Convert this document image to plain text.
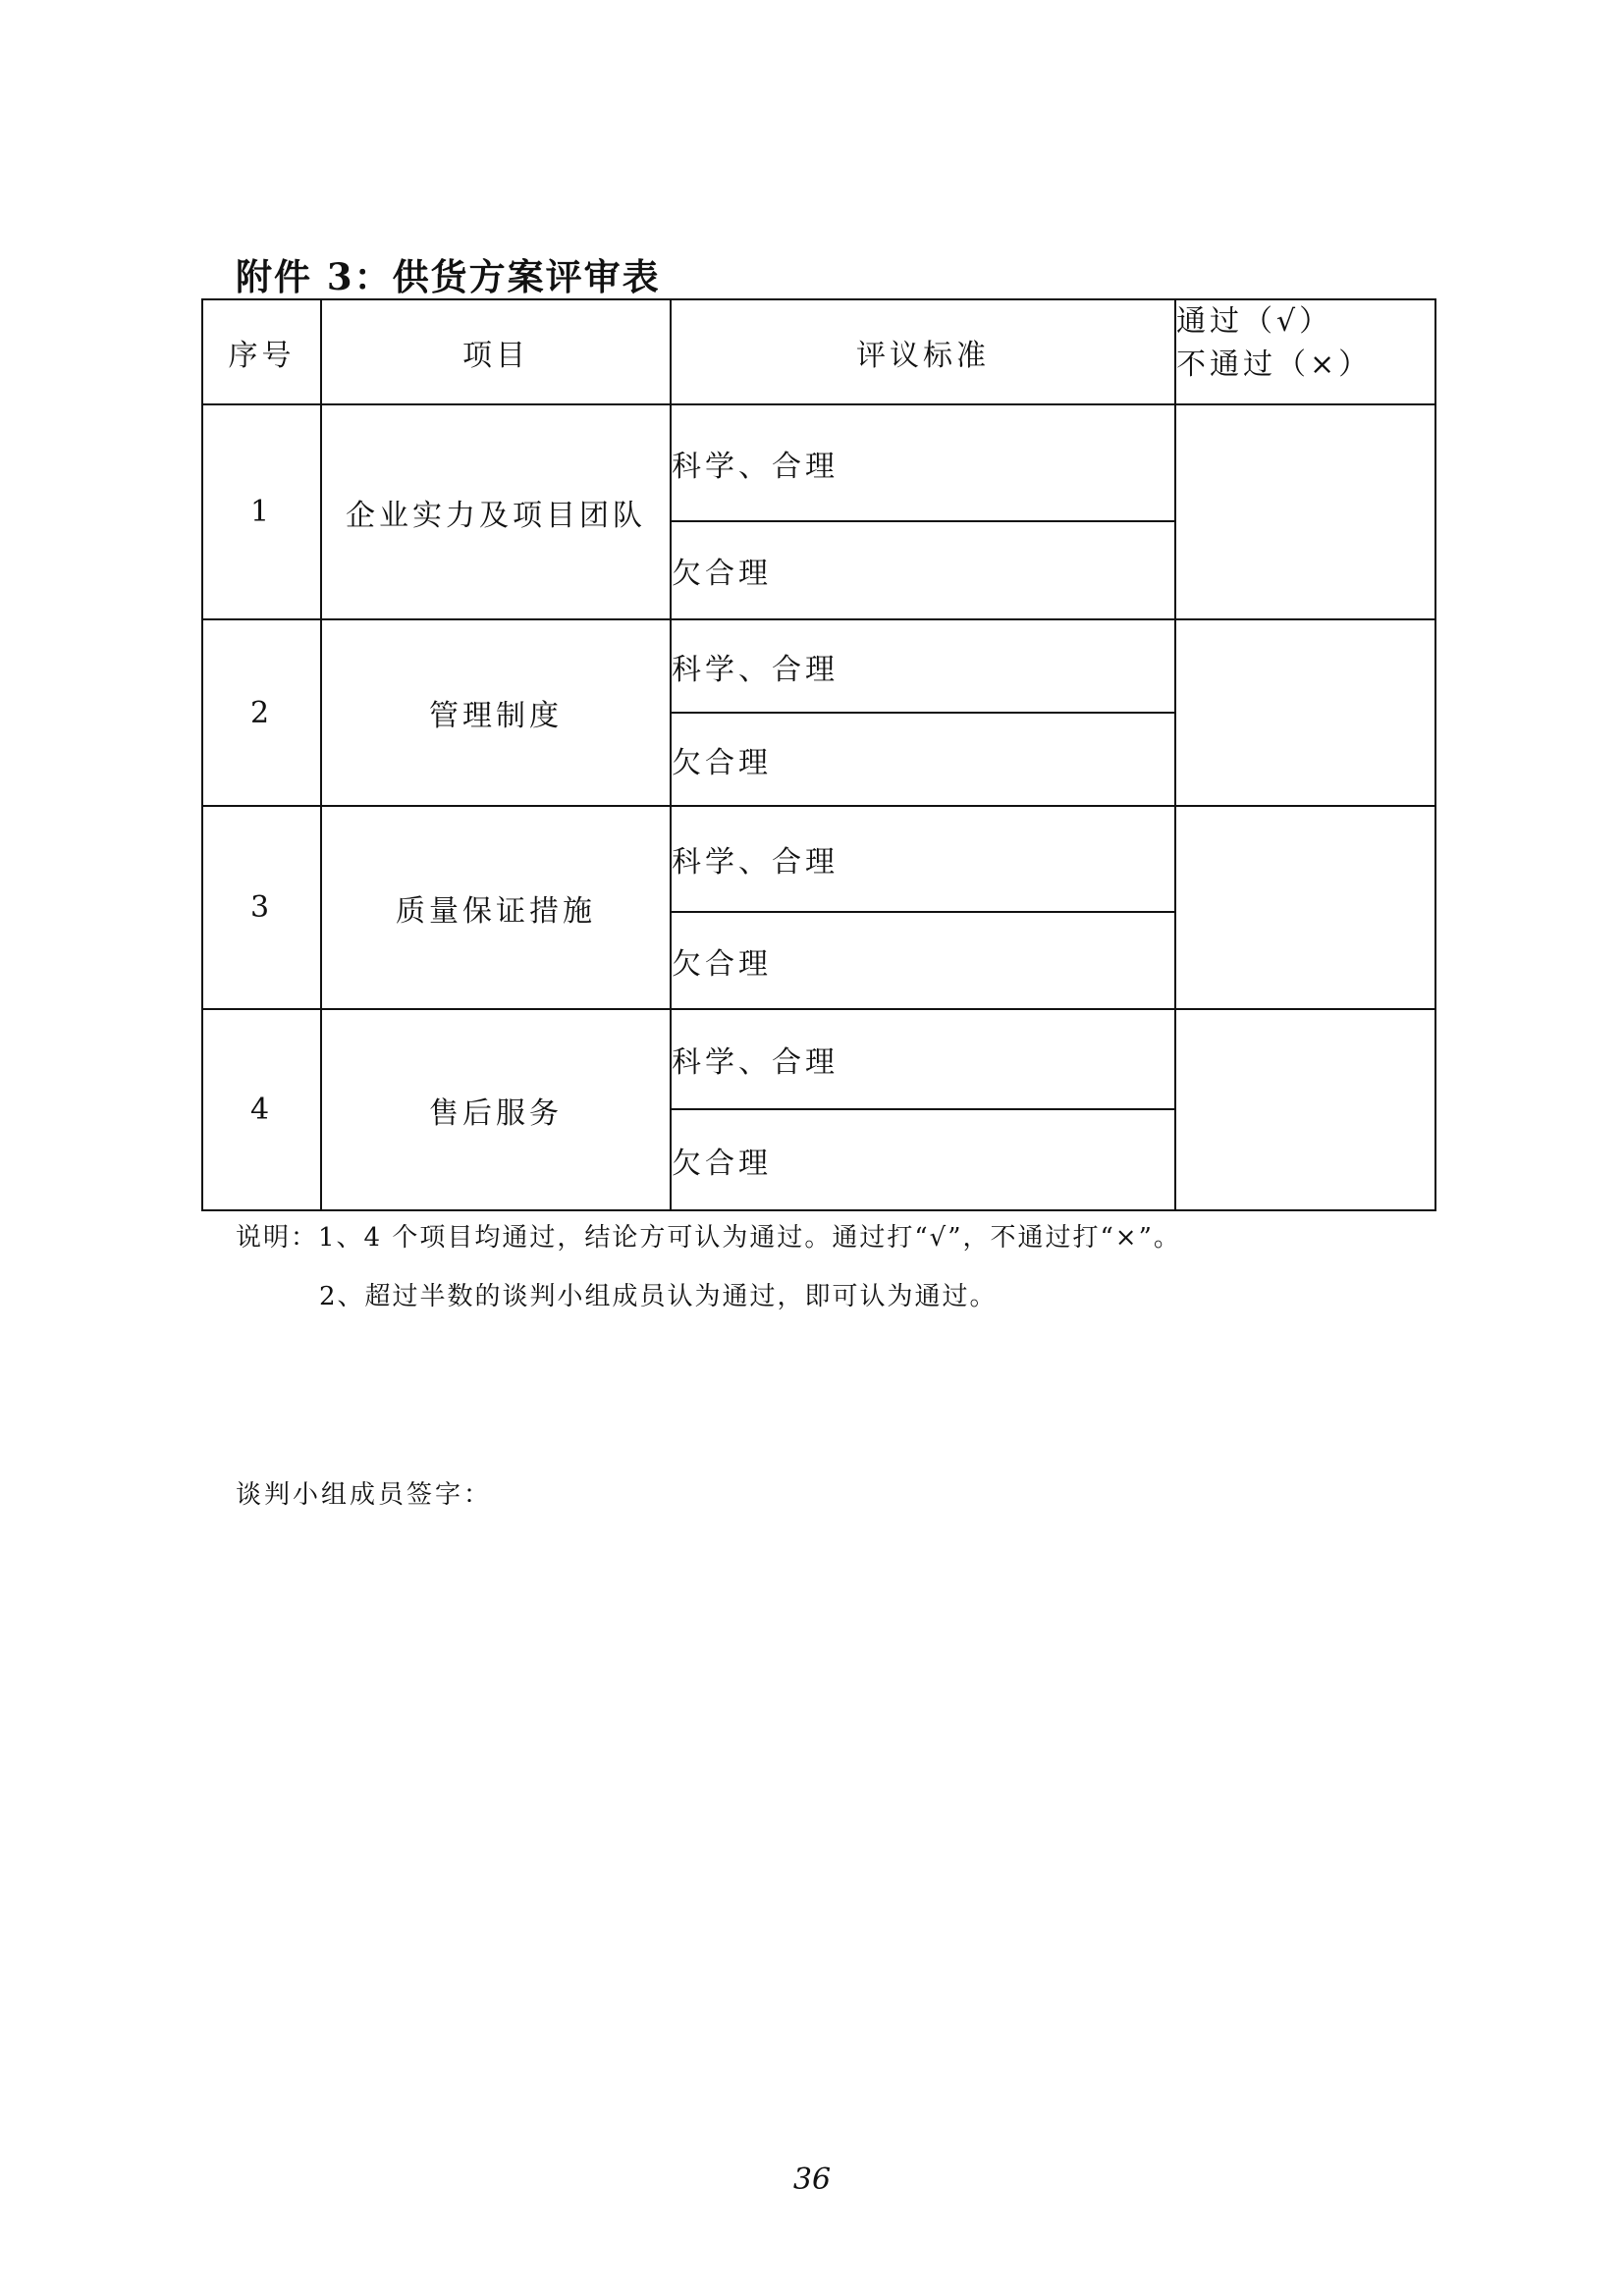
附件 3：供货方案评审表
序号	项目	评议标准	通过（√）
不通过（×）

1	企业实力及项目团队	科学、合理	
		欠合理	
2	管理制度	科学、合理	
		欠合理	
3	质量保证措施	科学、合理	
		欠合理	
4	售后服务	科学、合理	
		欠合理	
说明：1、4 个项目均通过，结论方可认为通过。通过打“√”，不通过打“×”。
2、超过半数的谈判小组成员认为通过，即可认为通过。
谈判小组成员签字：
36
